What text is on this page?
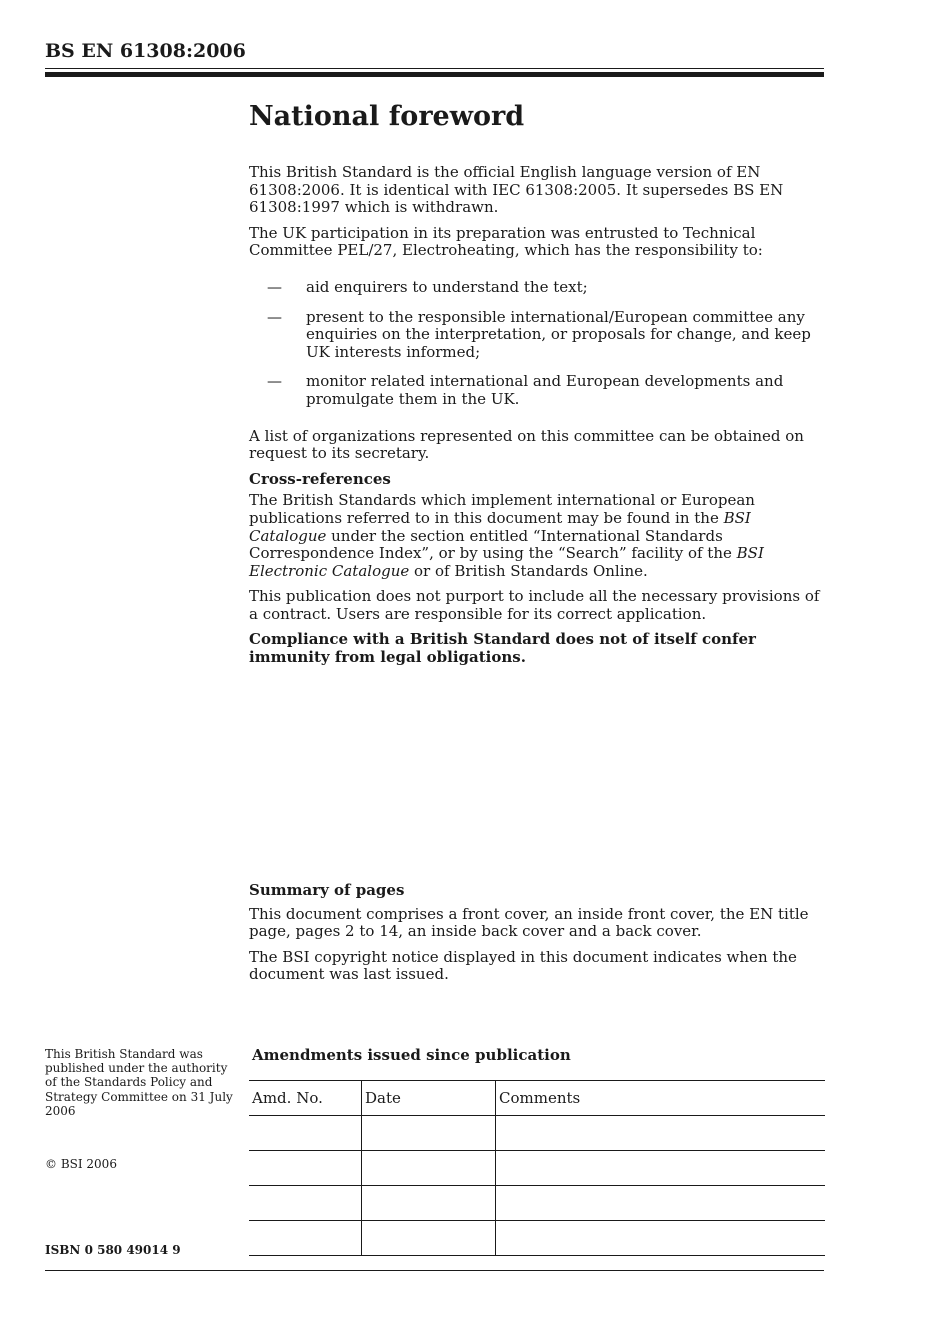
BS EN 61308:2006
National foreword

This British Standard is the official English language version of EN 61308:2006. It is identical with IEC 61308:2005. It supersedes BS EN 61308:1997 which is withdrawn.

The UK participation in its preparation was entrusted to Technical Committee PEL/27, Electroheating, which has the responsibility to:

— aid enquirers to understand the text;
— present to the responsible international/European committee any enquiries on the interpretation, or proposals for change, and keep UK interests informed;
— monitor related international and European developments and promulgate them in the UK.

A list of organizations represented on this committee can be obtained on request to its secretary.

Cross-references

The British Standards which implement international or European publications referred to in this document may be found in the BSI Catalogue under the section entitled “International Standards Correspondence Index”, or by using the “Search” facility of the BSI Electronic Catalogue or of British Standards Online.

This publication does not purport to include all the necessary provisions of a contract. Users are responsible for its correct application.

Compliance with a British Standard does not of itself confer immunity from legal obligations.

Summary of pages

This document comprises a front cover, an inside front cover, the EN title page, pages 2 to 14, an inside back cover and a back cover.

The BSI copyright notice displayed in this document indicates when the document was last issued.

This British Standard was published under the authority of the Standards Policy and Strategy Committee on 31 July 2006
© BSI 2006
ISBN 0 580 49014 9
Amendments issued since publication
Amd. No.	Date	Comments
